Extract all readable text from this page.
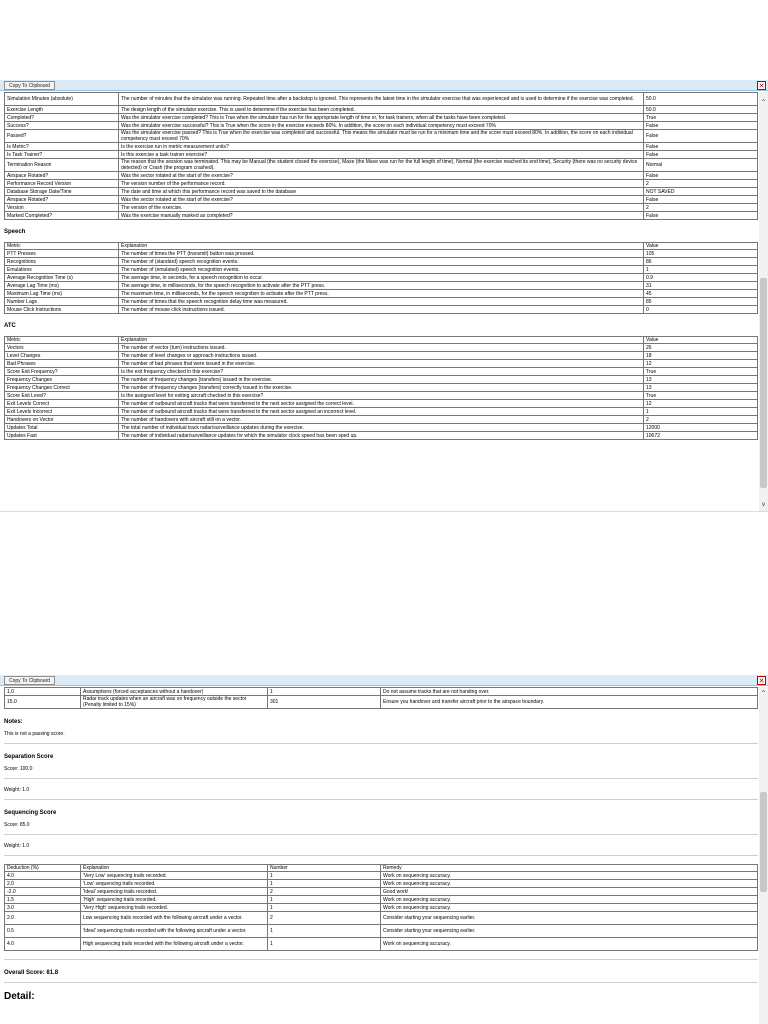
Copy To Clipboard	✕
^
v
Simulation Minutes (absolute)	The number of minutes that the simulator was running. Repeated time after a backstop is ignored. This represents the latest time in the simulator exercise that was experienced and is used to determine if the exercise was completed.	50.0
Exercise Length	The design length of the simulator exercise. This is used to determine if the exercise has been completed.	50.0
Completed?	Was the simulator exercise completed? This is True when the simulator has run for the appropriate length of time or, for task trainers, when all the tasks have been completed.	True
Success?	Was the simulator exercise successful? This is True when the score in the exercise exceeds 80%. In addition, the score on each individual competency must exceed 70%	False
Passed?	Was the simulator exercise passed? This is True when the exercise was completed and successful. This means the simulator must be run for a minimum time and the score must exceed 80%. In addition, the score on each individual competency must exceed 70%	False
Is Metric?	Is the exercise run in metric measurement units?	False
Is Task Trainer?	Is this exercise a task trainer exercise?	False
Termination Reason	The reason that the session was terminated. This may be Manual (the student closed the exercise), Maxe (the Maxe was run for the full length of time), Normal (the exercise reached its end time), Security (there was no security device detected) or Crash (the program crashed).	Normal
Airspace Rotated?	Was the sector rotated at the start of the exercise?	False
Performance Record Version	The version number of the performance record.	2
Database Storage Date/Time	The date and time at which this performance record was saved to the database	NOT SAVED
Airspace Rotated?	Was the sector rotated at the start of the exercise?	False
Version	The version of the exercise.	2
Marked Completed?	Was the exercise manually marked as completed?	False
Speech
Metric	Explanation	Value
PTT Presses	The number of times the PTT (transmit) button was pressed.	105
Recognitions	The number of (standard) speech recognition events.	86
Emulations	The number of (emulated) speech recognition events.	1
Average Recognition Time (s)	The average time, in seconds, for a speech recognition to occur.	0.9
Average Lag Time (ms)	The average time, in milliseconds, for the speech recognition to activate after the PTT press.	31
Maximum Lag Time (ms)	The maximum time, in milliseconds, for the speech recognition to activate after the PTT press.	45
Number Lags	The number of times that the speech recognition delay time was measured.	85
Mouse Click Instructions	The number of mouse click instructions issued.	0
ATC
Metric	Explanation	Value
Vectors	The number of vector (turn) instructions issued.	26
Level Changes	The number of level changes or approach instructions issued.	18
Bad Phrases	The number of bad phrases that were issued in the exercise.	12
Score Exit Frequency?	Is the exit frequency checked in this exercise?	True
Frequency Changes	The number of frequency changes (transfers) issued in the exercise.	13
Frequency Changes Correct	The number of frequency changes (transfers) correctly issued in the exercise.	13
Score Exit Level?	Is the assigned level for exiting aircraft checked in this exercise?	True
Exit Levels Correct	The number of outbound aircraft tracks that were transferred to the next sector assigned the correct level.	12
Exit Levels Incorrect	The number of outbound aircraft tracks that were transferred to the next sector assigned an incorrect level.	1
Handovers on Vector	The number of handovers with aircraft still on a vector.	2
Updates Total	The total number of individual track radar/surveillance updates during the exercise.	12000
Updates Fast	The number of individual radar/surveillance updates for which the simulator clock speed has been sped up.	10672
Copy To Clipboard	✕
^
1.0	Assumptions (forced acceptances without a handover)	1	Do not assume tracks that are not handing over.
15.0	Radar track updates when an aircraft was on frequency outside the sector (Penalty limited to 15%)	301	Ensure you handover and transfer aircraft prior to the airspace boundary.
Notes:
This is not a passing score.
Separation Score
Score: 100.0
Weight: 1.0
Sequencing Score
Score: 85.0
Weight: 1.0
Deduction (%)	Explanation	Number	Remedy
4.0	'Very Low' sequencing trails recorded.	1	Work on sequencing accuracy.
2.0	'Low' sequencing trails recorded.	1	Work on sequencing accuracy.
-2.0	'Ideal' sequencing trails recorded.	2	Good work!
1.5	'High' sequencing trails recorded.	1	Work on sequencing accuracy.
3.0	'Very High' sequencing trails recorded.	1	Work on sequencing accuracy.
2.0	Low sequencing trails recorded with the following aircraft under a vector.	2	Consider starting your sequencing earlier.
0.5	'Ideal' sequencing trails recorded with the following aircraft under a vector.	1	Consider starting your sequencing earlier.
4.0	High sequencing trails recorded with the following aircraft under a vector.	1	Work on sequencing accuracy.
Overall Score: 81.8
Detail:
